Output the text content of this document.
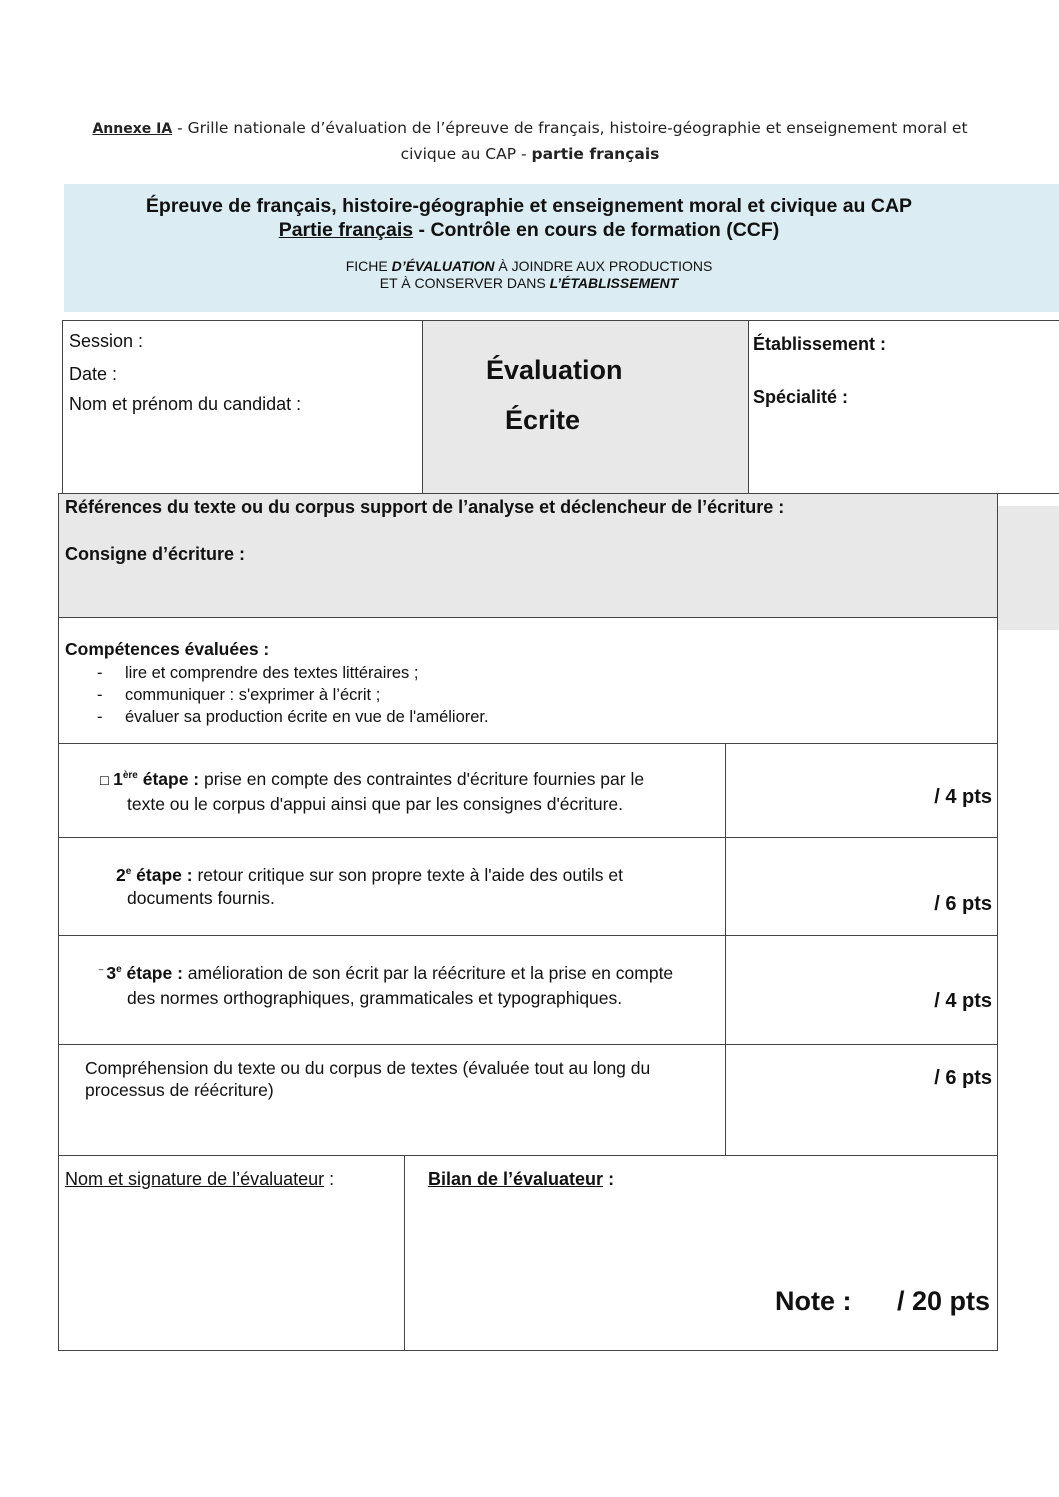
Annexe IA - Grille nationale d’évaluation de l’épreuve de français, histoire-géographie et enseignement moral et
civique au CAP - partie français
Épreuve de français, histoire-géographie et enseignement moral et civique au CAP
Partie français - Contrôle en cours de formation (CCF)
FICHE D’ÉVALUATION À JOINDRE AUX PRODUCTIONS
ET À CONSERVER DANS L’ÉTABLISSEMENT
Session :
Date :
Nom et prénom du candidat :
Évaluation
Écrite
Établissement :
Spécialité :
Références du texte ou du corpus support de l’analyse et déclencheur de l’écriture :
Consigne d’écriture :
Compétences évaluées :
- lire et comprendre des textes littéraires ;
- communiquer : s'exprimer à l’écrit ;
- évaluer sa production écrite en vue de l'améliorer.
☐ 1ère étape : prise en compte des contraintes d'écriture fournies par le
texte ou le corpus d'appui ainsi que par les consignes d'écriture.	/ 4 pts
2e étape : retour critique sur son propre texte à l'aide des outils et
documents fournis.	/ 6 pts
‾ 3e étape : amélioration de son écrit par la réécriture et la prise en compte
des normes orthographiques, grammaticales et typographiques.	/ 4 pts
Compréhension du texte ou du corpus de textes (évaluée tout au long du
processus de réécriture)
/ 6 pts
Nom et signature de l’évaluateur :	Bilan de l’évaluateur :
Note : / 20 pts
